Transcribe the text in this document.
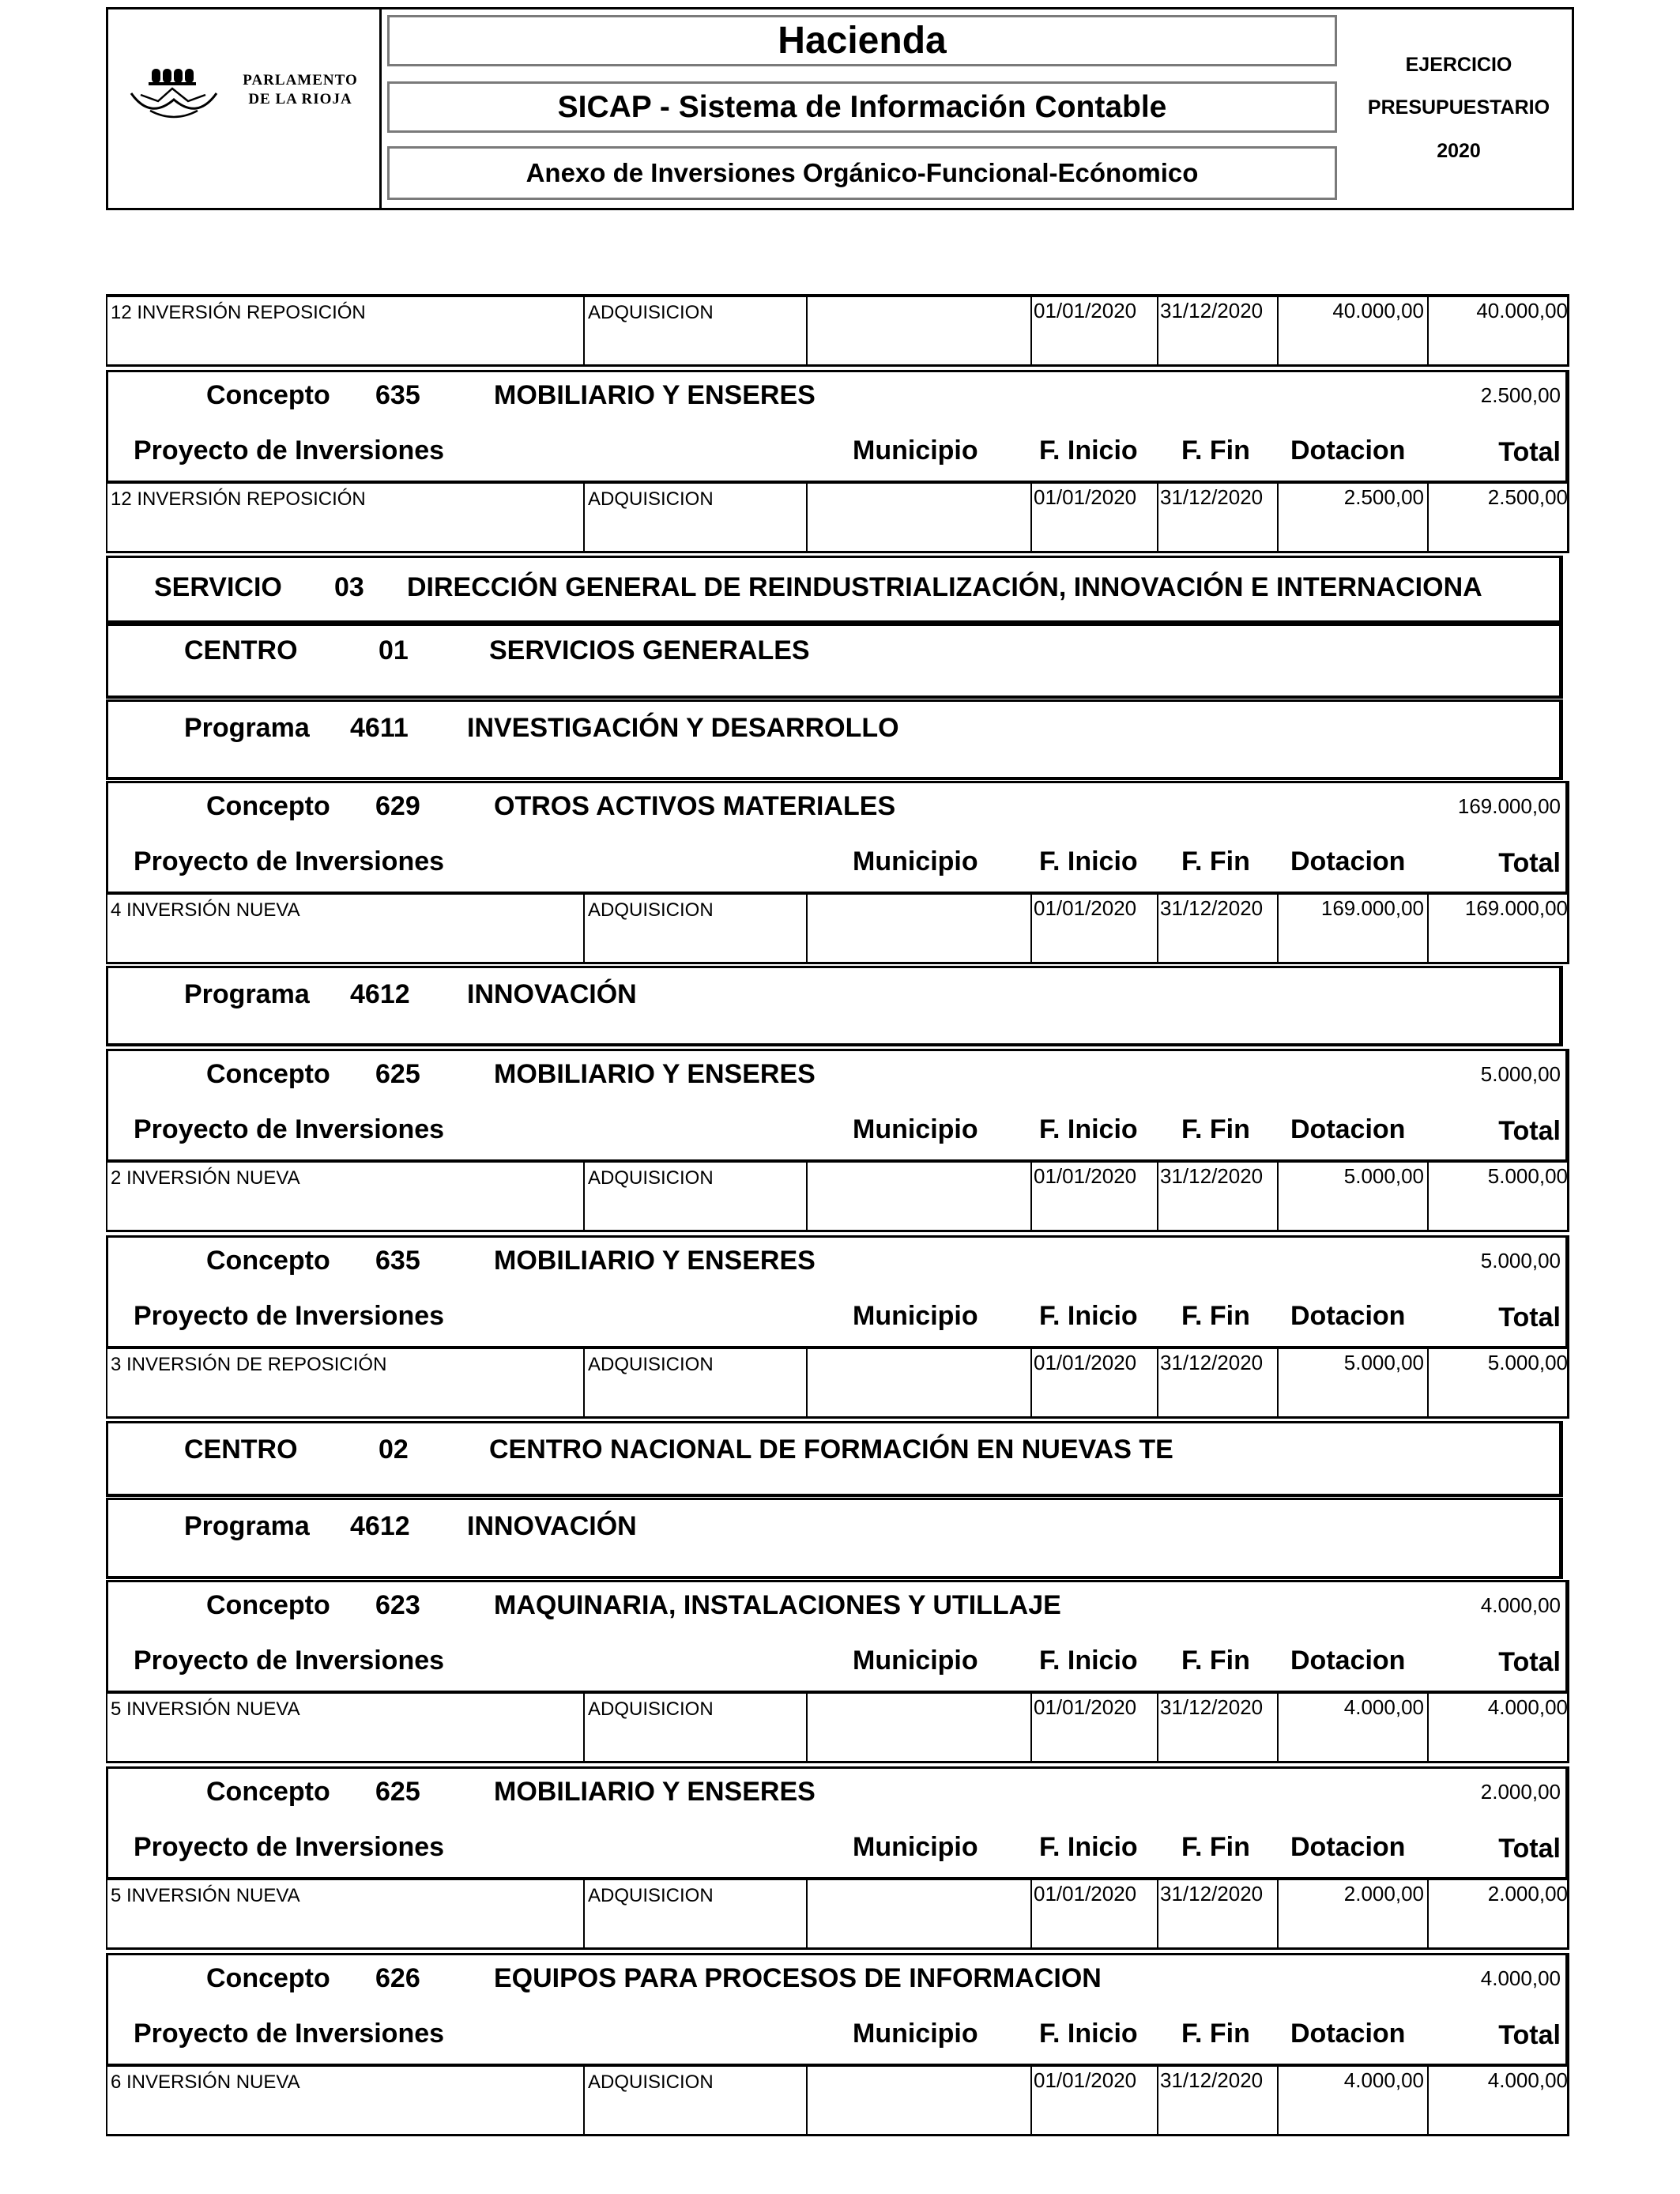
PARLAMENTO
DE LA RIOJA
Hacienda
SICAP - Sistema de Información Contable
Anexo de Inversiones Orgánico-Funcional-Ecónomico
EJERCICIO
PRESUPUESTARIO
2020
12 INVERSIÓN REPOSICIÓN	ADQUISICION	01/01/2020 31/12/2020	40.000,00	40.000,00
Concepto 635	MOBILIARIO Y ENSERES	2.500,00
Proyecto de Inversiones	Municipio F. Inicio F. Fin Dotacion	Total
12 INVERSIÓN REPOSICIÓN	ADQUISICION	01/01/2020 31/12/2020	2.500,00	2.500,00
SERVICIO 03 DIRECCIÓN GENERAL DE REINDUSTRIALIZACIÓN, INNOVACIÓN E INTERNACIONA
CENTRO	01	SERVICIOS GENERALES
Programa 4611 INVESTIGACIÓN Y DESARROLLO
Concepto 629	OTROS ACTIVOS MATERIALES	169.000,00
Proyecto de Inversiones	Municipio F. Inicio F. Fin Dotacion	Total
4 INVERSIÓN NUEVA	ADQUISICION	01/01/2020 31/12/2020	169.000,00 169.000,00
Programa 4612 INNOVACIÓN
Concepto 625	MOBILIARIO Y ENSERES	5.000,00
Proyecto de Inversiones	Municipio F. Inicio F. Fin Dotacion	Total
2 INVERSIÓN NUEVA	ADQUISICION	01/01/2020 31/12/2020	5.000,00	5.000,00
Concepto 635	MOBILIARIO Y ENSERES	5.000,00
Proyecto de Inversiones	Municipio F. Inicio F. Fin Dotacion	Total
3 INVERSIÓN DE REPOSICIÓN	ADQUISICION	01/01/2020 31/12/2020	5.000,00	5.000,00
CENTRO	02	CENTRO NACIONAL DE FORMACIÓN EN NUEVAS TE
Programa 4612 INNOVACIÓN
Concepto 623	MAQUINARIA, INSTALACIONES Y UTILLAJE	4.000,00
Proyecto de Inversiones	Municipio F. Inicio F. Fin Dotacion	Total
5 INVERSIÓN NUEVA	ADQUISICION	01/01/2020 31/12/2020	4.000,00	4.000,00
Concepto 625	MOBILIARIO Y ENSERES	2.000,00
Proyecto de Inversiones	Municipio F. Inicio F. Fin Dotacion	Total
5 INVERSIÓN NUEVA	ADQUISICION	01/01/2020 31/12/2020	2.000,00	2.000,00
Concepto 626	EQUIPOS PARA PROCESOS DE INFORMACION	4.000,00
Proyecto de Inversiones	Municipio F. Inicio F. Fin Dotacion	Total
6 INVERSIÓN NUEVA	ADQUISICION	01/01/2020 31/12/2020	4.000,00	4.000,00
